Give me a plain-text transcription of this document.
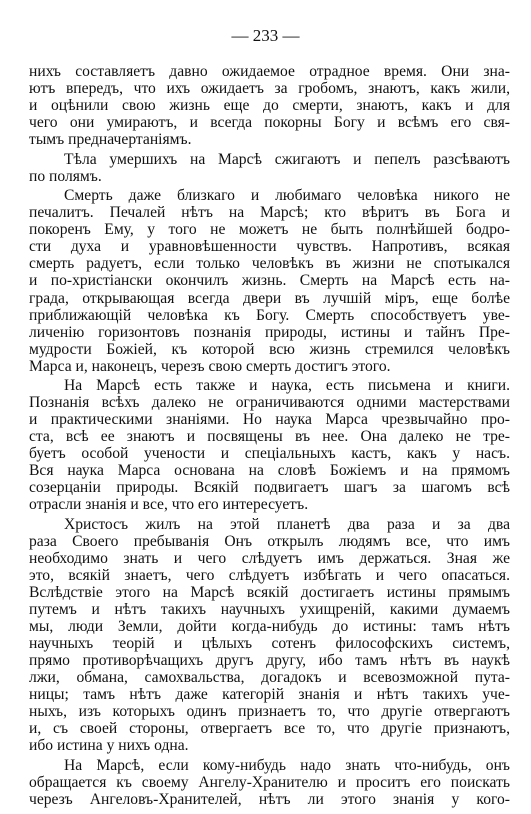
— 233 —
нихъ составляетъ давно ожидаемое отрадное время. Они зна-
ютъ впередъ, что ихъ ожидаетъ за гробомъ, знаютъ, какъ жили,
и оцѣнили свою жизнь еще до смерти, знаютъ, какъ и для
чего они умираютъ, и всегда покорны Богу и всѣмъ его свя-
тымъ предначертаніямъ.
Тѣла умершихъ на Марсѣ сжигаютъ и пепелъ разсѣваютъ
по полямъ.
Смерть даже близкаго и любимаго человѣка никого не
печалитъ. Печалей нѣтъ на Марсѣ; кто вѣритъ въ Бога и
покоренъ Ему, у того не можетъ не быть полнѣйшей бодро-
сти духа и уравновѣшенности чувствъ. Напротивъ, всякая
смерть радуетъ, если только человѣкъ въ жизни не спотыкался
и по-христіански окончилъ жизнь. Смерть на Марсѣ есть на-
града, открывающая всегда двери въ лучшій міръ, еще болѣе
приближающій человѣка къ Богу. Смерть способствуетъ уве-
личенію горизонтовъ познанія природы, истины и тайнъ Пре-
мудрости Божіей, къ которой всю жизнь стремился человѣкъ
Марса и, наконецъ, черезъ свою смерть достигъ этого.
На Марсѣ есть также и наука, есть письмена и книги.
Познанія всѣхъ далеко не ограничиваются одними мастерствами
и практическими знаніями. Но наука Марса чрезвычайно про-
ста, всѣ ее знаютъ и посвящены въ нее. Она далеко не тре-
буетъ особой учености и спеціальныхъ кастъ, какъ у насъ.
Вся наука Марса основана на словѣ Божіемъ и на прямомъ
созерцаніи природы. Всякій подвигаетъ шагъ за шагомъ всѣ
отрасли знанія и все, что его интересуетъ.
Христосъ жилъ на этой планетѣ два раза и за два
раза Своего пребыванія Онъ открылъ людямъ все, что имъ
необходимо знать и чего слѣдуетъ имъ держаться. Зная же
это, всякій знаетъ, чего слѣдуетъ избѣгать и чего опасаться.
Вслѣдствіе этого на Марсѣ всякій достигаетъ истины прямымъ
путемъ и нѣтъ такихъ научныхъ ухищреній, какими думаемъ
мы, люди Земли, дойти когда-нибудь до истины: тамъ нѣтъ
научныхъ теорій и цѣлыхъ сотенъ философскихъ системъ,
прямо противорѣчащихъ другъ другу, ибо тамъ нѣтъ въ наукѣ
лжи, обмана, самохвальства, догадокъ и всевозможной пута-
ницы; тамъ нѣтъ даже категорій знанія и нѣтъ такихъ уче-
ныхъ, изъ которыхъ одинъ признаетъ то, что другіе отвергаютъ
и, съ своей стороны, отвергаетъ все то, что другіе признаютъ,
ибо истина у нихъ одна.
На Марсѣ, если кому-нибудь надо знать что-нибудь, онъ
обращается къ своему Ангелу-Хранителю и проситъ его поискать
черезъ Ангеловъ-Хранителей, нѣтъ ли этого знанія у кого-
